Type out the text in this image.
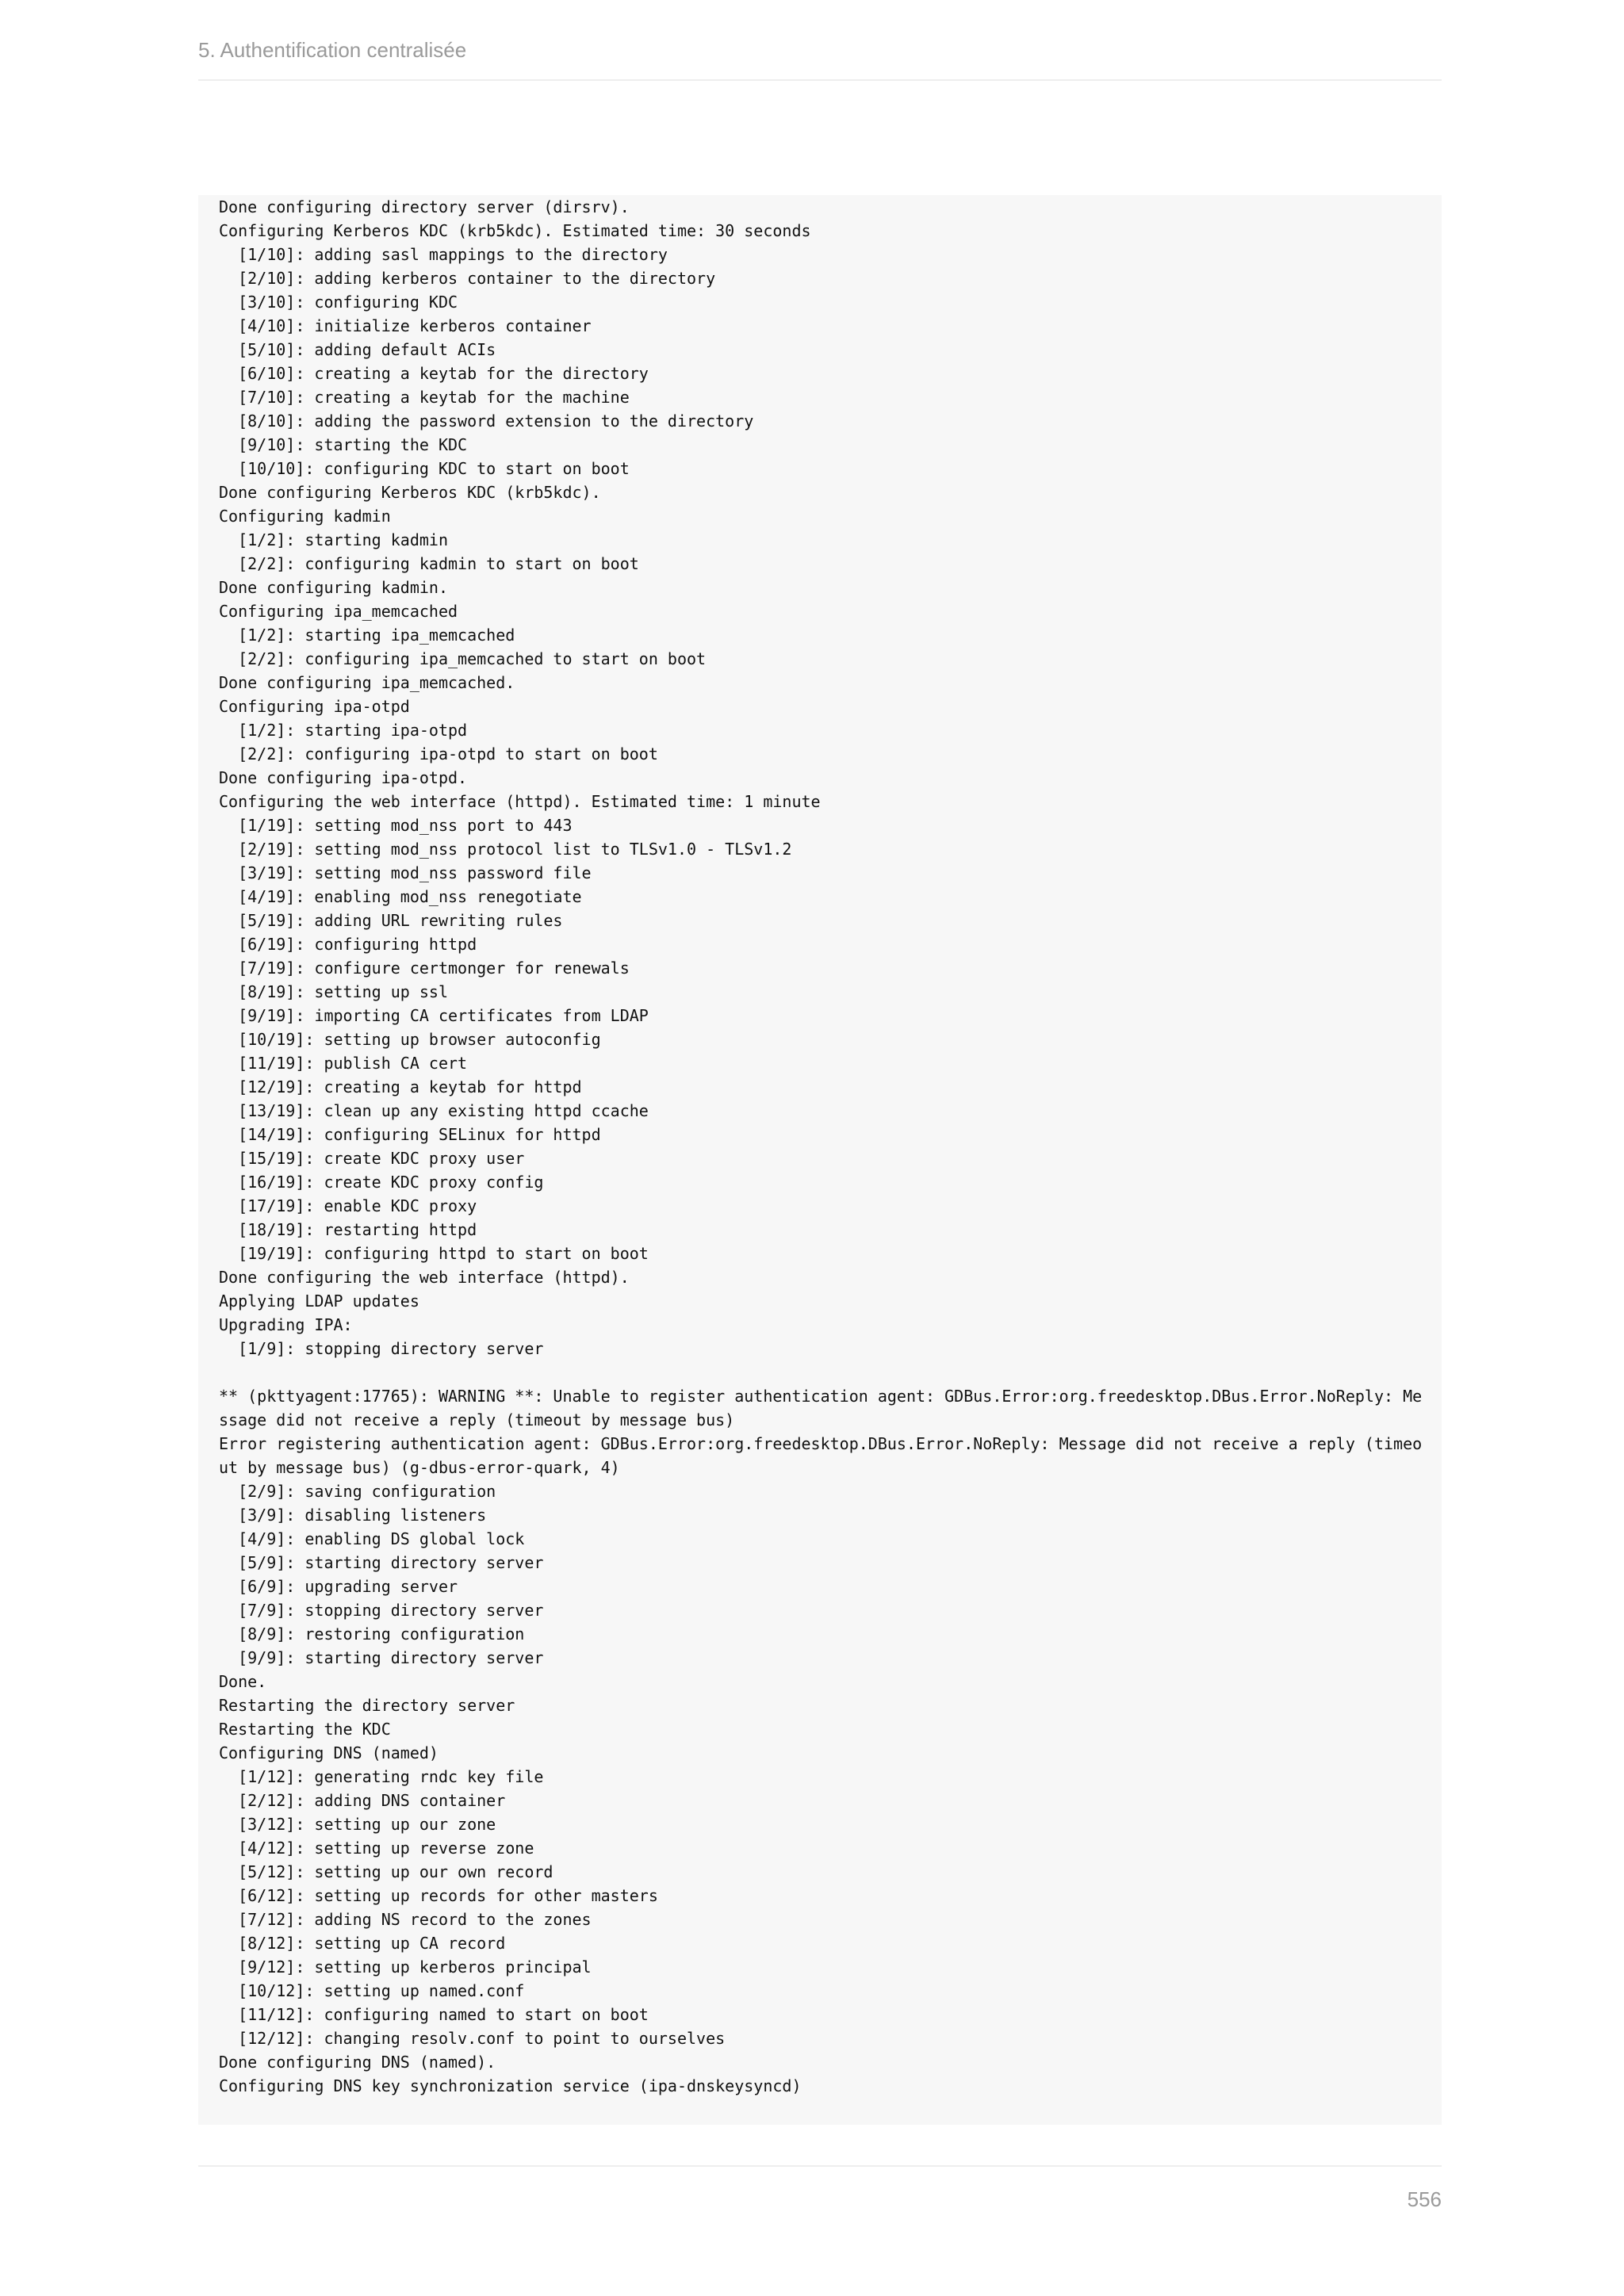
5. Authentification centralisée
Done configuring directory server (dirsrv).
Configuring Kerberos KDC (krb5kdc). Estimated time: 30 seconds
[1/10]: adding sasl mappings to the directory
[2/10]: adding kerberos container to the directory
[3/10]: configuring KDC
[4/10]: initialize kerberos container
[5/10]: adding default ACIs
[6/10]: creating a keytab for the directory
[7/10]: creating a keytab for the machine
[8/10]: adding the password extension to the directory
[9/10]: starting the KDC
[10/10]: configuring KDC to start on boot
Done configuring Kerberos KDC (krb5kdc).
Configuring kadmin
[1/2]: starting kadmin
[2/2]: configuring kadmin to start on boot
Done configuring kadmin.
Configuring ipa_memcached
[1/2]: starting ipa_memcached
[2/2]: configuring ipa_memcached to start on boot
Done configuring ipa_memcached.
Configuring ipa-otpd
[1/2]: starting ipa-otpd
[2/2]: configuring ipa-otpd to start on boot
Done configuring ipa-otpd.
Configuring the web interface (httpd). Estimated time: 1 minute
[1/19]: setting mod_nss port to 443
[2/19]: setting mod_nss protocol list to TLSv1.0 - TLSv1.2
[3/19]: setting mod_nss password file
[4/19]: enabling mod_nss renegotiate
[5/19]: adding URL rewriting rules
[6/19]: configuring httpd
[7/19]: configure certmonger for renewals
[8/19]: setting up ssl
[9/19]: importing CA certificates from LDAP
[10/19]: setting up browser autoconfig
[11/19]: publish CA cert
[12/19]: creating a keytab for httpd
[13/19]: clean up any existing httpd ccache
[14/19]: configuring SELinux for httpd
[15/19]: create KDC proxy user
[16/19]: create KDC proxy config
[17/19]: enable KDC proxy
[18/19]: restarting httpd
[19/19]: configuring httpd to start on boot
Done configuring the web interface (httpd).
Applying LDAP updates
Upgrading IPA:
[1/9]: stopping directory server
** (pkttyagent:17765): WARNING **: Unable to register authentication agent: GDBus.Error:org.freedesktop.DBus.Error.NoReply: Me
ssage did not receive a reply (timeout by message bus)
Error registering authentication agent: GDBus.Error:org.freedesktop.DBus.Error.NoReply: Message did not receive a reply (timeo
ut by message bus) (g-dbus-error-quark, 4)
[2/9]: saving configuration
[3/9]: disabling listeners
[4/9]: enabling DS global lock
[5/9]: starting directory server
[6/9]: upgrading server
[7/9]: stopping directory server
[8/9]: restoring configuration
[9/9]: starting directory server
Done.
Restarting the directory server
Restarting the KDC
Configuring DNS (named)
[1/12]: generating rndc key file
[2/12]: adding DNS container
[3/12]: setting up our zone
[4/12]: setting up reverse zone
[5/12]: setting up our own record
[6/12]: setting up records for other masters
[7/12]: adding NS record to the zones
[8/12]: setting up CA record
[9/12]: setting up kerberos principal
[10/12]: setting up named.conf
[11/12]: configuring named to start on boot
[12/12]: changing resolv.conf to point to ourselves
Done configuring DNS (named).
Configuring DNS key synchronization service (ipa-dnskeysyncd)
556
